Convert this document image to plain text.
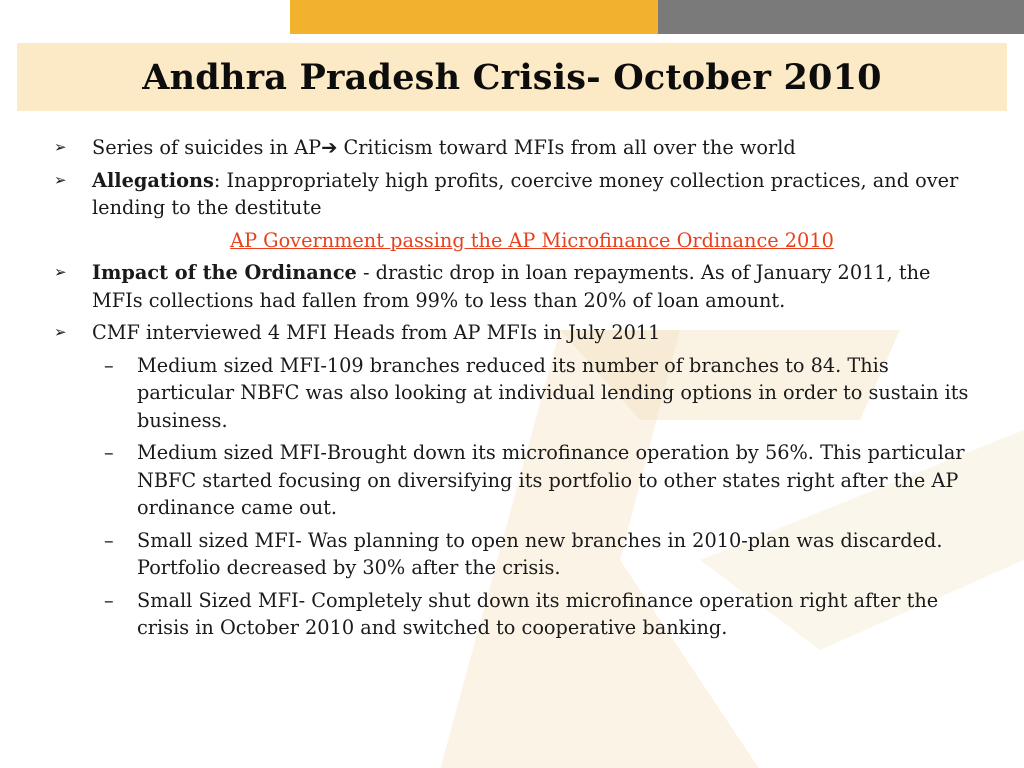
Andhra Pradesh Crisis- October 2010
➢ Series of suicides in AP➔ Criticism toward MFIs from all over the world
➢ Allegations: Inappropriately high profits, coercive money collection practices, and over lending to the destitute
AP Government passing the AP Microfinance Ordinance 2010
➢ Impact of the Ordinance - drastic drop in loan repayments. As of January 2011, the MFIs collections had fallen from 99% to less than 20% of loan amount.
➢ CMF interviewed 4 MFI Heads from AP MFIs in July 2011
– Medium sized MFI-109 branches reduced its number of branches to 84. This particular NBFC was also looking at individual lending options in order to sustain its business.
– Medium sized MFI-Brought down its microfinance operation by 56%. This particular NBFC started focusing on diversifying its portfolio to other states right after the AP ordinance came out.
– Small sized MFI- Was planning to open new branches in 2010-plan was discarded. Portfolio decreased by 30% after the crisis.
– Small Sized MFI- Completely shut down its microfinance operation right after the crisis in October 2010 and switched to cooperative banking.
